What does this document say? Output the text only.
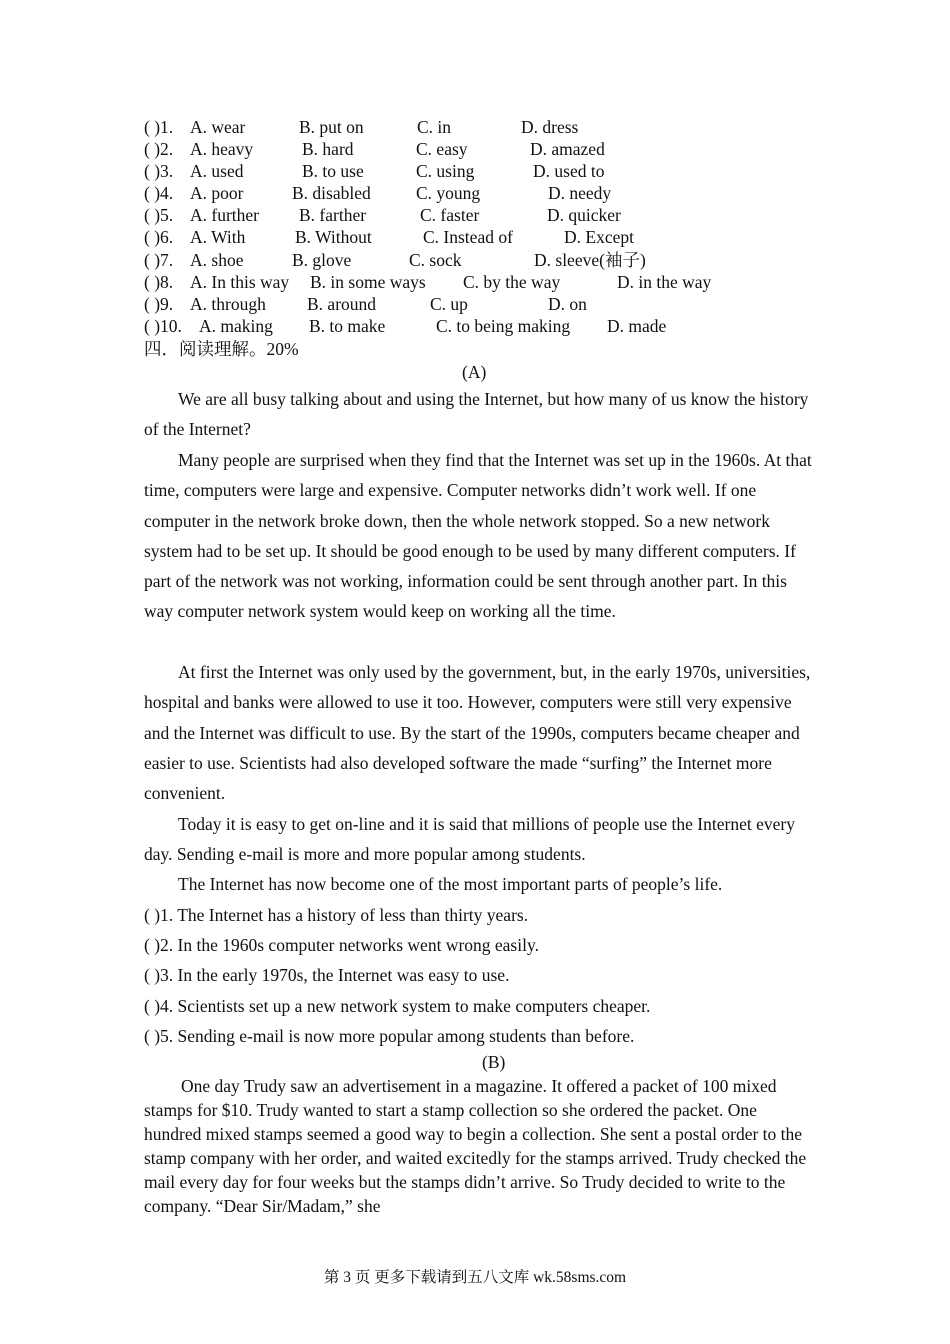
( )1. A. wear	B. put on	C. in	D. dress
( )2. A. heavy	B. hard	C. easy	D. amazed
( )3. A. used	B. to use	C. using	D. used to
( )4. A. poor	B. disabled	C. young	D. needy
( )5. A. further B. farther	C. faster	D. quicker
( )6. A. With	B. Without	C. Instead of	D. Except
( )7. A. shoe	B. glove	C. sock	D. sleeve(袖子)
( )8. A. In this way B. in some ways C. by the way	D. in the way
( )9. A. through B. around	C. up	D. on
( )10. A. making B. to make	C. to being making D. made
四．阅读理解。20%
(A)

We are all busy talking about and using the Internet, but how many of us know the history of the Internet?

Many people are surprised when they find that the Internet was set up in the 1960s. At that time, computers were large and expensive. Computer networks didn’t work well. If one computer in the network broke down, then the whole network stopped. So a new network system had to be set up. It should be good enough to be used by many different computers. If part of the network was not working, information could be sent through another part. In this way computer network system would keep on working all the time.

At first the Internet was only used by the government, but, in the early 1970s, universities, hospital and banks were allowed to use it too. However, computers were still very expensive and the Internet was difficult to use. By the start of the 1990s, computers became cheaper and easier to use. Scientists had also developed software the made “surfing” the Internet more convenient.

Today it is easy to get on-line and it is said that millions of people use the Internet every day. Sending e-mail is more and more popular among students.

The Internet has now become one of the most important parts of people’s life.

( )1. The Internet has a history of less than thirty years.
( )2. In the 1960s computer networks went wrong easily.
( )3. In the early 1970s, the Internet was easy to use.
( )4. Scientists set up a new network system to make computers cheaper.
( )5. Sending e-mail is now more popular among students than before.
(B)

One day Trudy saw an advertisement in a magazine. It offered a packet of 100 mixed stamps for $10. Trudy wanted to start a stamp collection so she ordered the packet. One hundred mixed stamps seemed a good way to begin a collection. She sent a postal order to the stamp company with her order, and waited excitedly for the stamps arrived. Trudy checked the mail every day for four weeks but the stamps didn’t arrive. So Trudy decided to write to the company. “Dear Sir/Madam,” she

第 3 页 更多下载请到五八文库 wk.58sms.com
